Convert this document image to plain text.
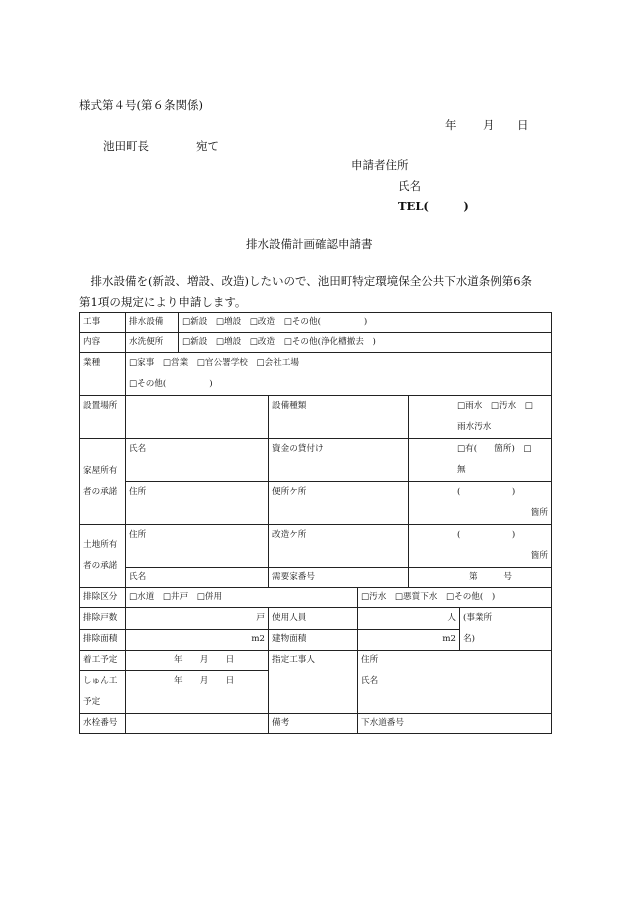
様式第４号(第６条関係)
年 月 日
池田町長	宛て
申請者住所
氏名
TEL(　　　)
排水設備計画確認申請書
　排水設備を(新設、増設、改造)したいので、池田町特定環境保全公共下水道条例第6条
第1項の規定により申請します。
工事	排水設備	□新設　□増設　□改造　□その他(　　　　　)				
内容	水洗便所	□新設　□増設　□改造　□その他(浄化槽撤去　)				
業種	□家事　□営業　□官公署学校　□会社工場
□その他(　　　　　)					

設置場所			設備種類		□雨水　□汚水　□
雨水汚水	

家屋所有
者の承諾	氏名		資金の貸付け		□有(　　箇所)　□
無	

	住所		便所ケ所		(　　　　　　)
箇所	

土地所有
者の承諾	住所		改造ケ所		(　　　　　　)
箇所	

	氏名		需要家番号		第　　　号	
排除区分	□水道　□井戸　□併用			□汚水　□悪質下水　□その他(　)		
排除戸数	戸		使用人員	人		(事業所
名)

排除面積	m2		建物面積	m2		
着工予定	年　　月　　日		指定工事人	住所		

しゅん工
予定	年　　月　　日			氏名		
水栓番号			備考	下水道番号		
